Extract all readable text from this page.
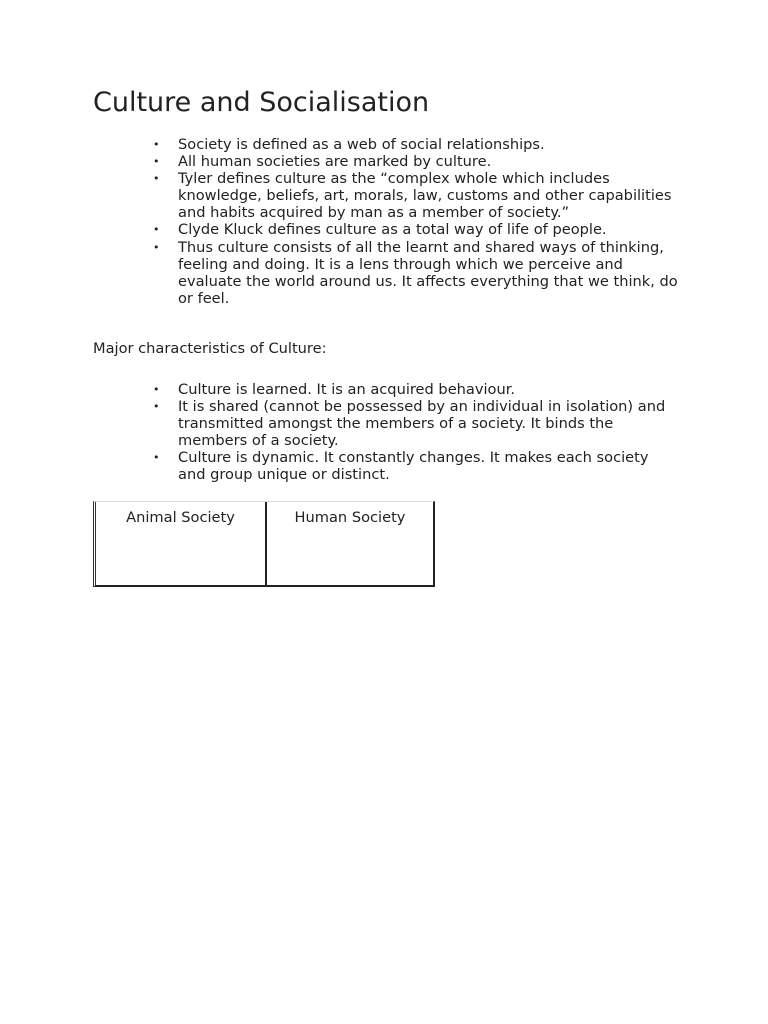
Culture and Socialisation
• Society is defined as a web of social relationships.
• All human societies are marked by culture.
• Tyler defines culture as the “complex whole which includes knowledge, beliefs, art, morals, law, customs and other capabilities and habits acquired by man as a member of society.”
• Clyde Kluck defines culture as a total way of life of people.
• Thus culture consists of all the learnt and shared ways of thinking, feeling and doing. It is a lens through which we perceive and evaluate the world around us. It affects everything that we think, do or feel.

Major characteristics of Culture:

• Culture is learned. It is an acquired behaviour.
• It is shared (cannot be possessed by an individual in isolation) and transmitted amongst the members of a society. It binds the members of a society.
• Culture is dynamic. It constantly changes. It makes each society and group unique or distinct.
Animal Society	Human Society
